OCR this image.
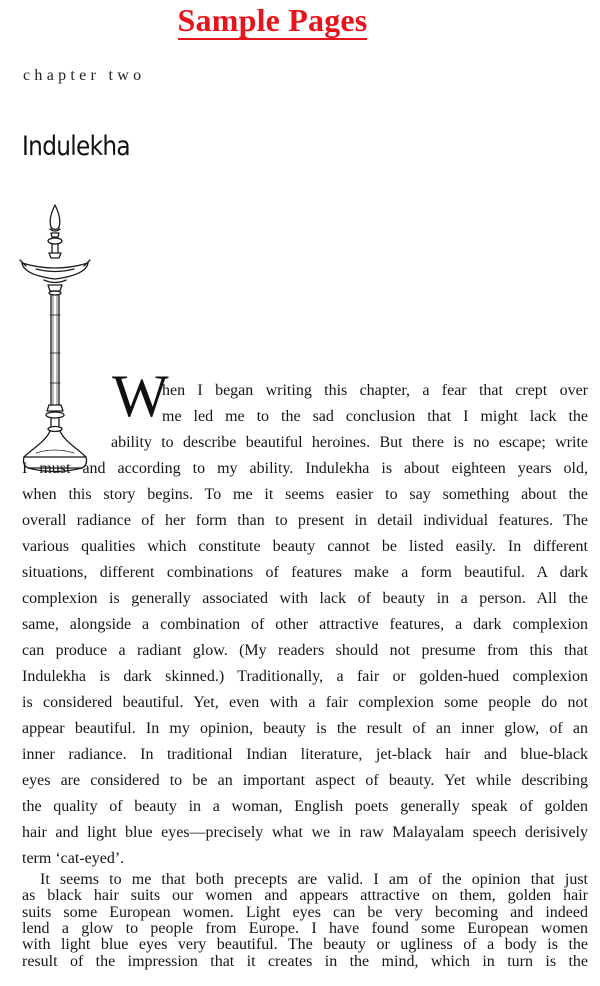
Sample Pages
chapter two
Indulekha
W
hen I began writing this chapter, a fear that crept over
me led me to the sad conclusion that I might lack the
ability to describe beautiful heroines. But there is no escape; write
I must and according to my ability. Indulekha is about eighteen years old,
when this story begins. To me it seems easier to say something about the
overall radiance of her form than to present in detail individual features. The
various qualities which constitute beauty cannot be listed easily. In different
situations, different combinations of features make a form beautiful. A dark
complexion is generally associated with lack of beauty in a person. All the
same, alongside a combination of other attractive features, a dark complexion
can produce a radiant glow. (My readers should not presume from this that
Indulekha is dark skinned.) Traditionally, a fair or golden-hued complexion
is considered beautiful. Yet, even with a fair complexion some people do not
appear beautiful. In my opinion, beauty is the result of an inner glow, of an
inner radiance. In traditional Indian literature, jet-black hair and blue-black
eyes are considered to be an important aspect of beauty. Yet while describing
the quality of beauty in a woman, English poets generally speak of golden
hair and light blue eyes—precisely what we in raw Malayalam speech derisively
term ‘cat-eyed’.
It seems to me that both precepts are valid. I am of the opinion that just
as black hair suits our women and appears attractive on them, golden hair
suits some European women. Light eyes can be very becoming and indeed
lend a glow to people from Europe. I have found some European women
with light blue eyes very beautiful. The beauty or ugliness of a body is the
result of the impression that it creates in the mind, which in turn is the
